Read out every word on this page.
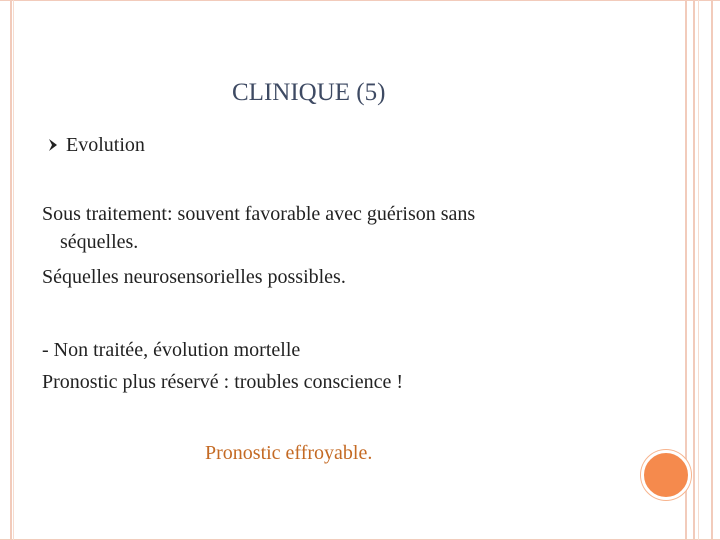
CLINIQUE (5)
Evolution
Sous traitement: souvent favorable avec guérison sans
séquelles.
Séquelles neurosensorielles possibles.
- Non traitée, évolution mortelle
Pronostic plus réservé : troubles conscience !
Pronostic effroyable.
